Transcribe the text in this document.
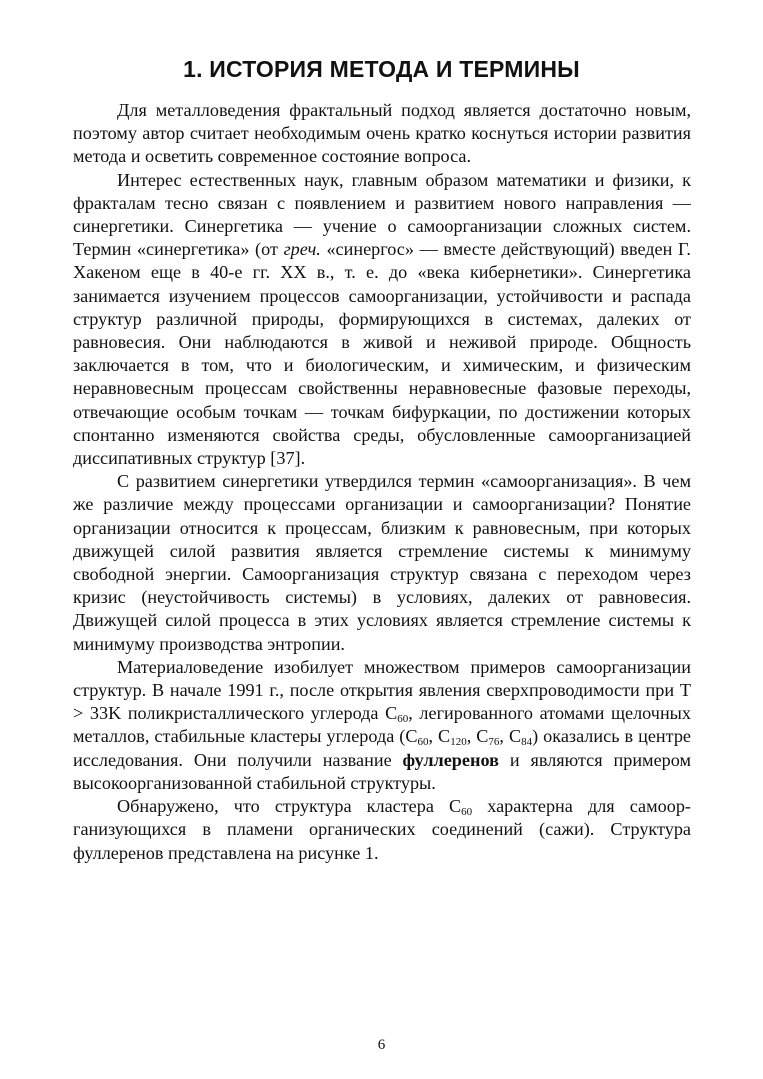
1. ИСТОРИЯ МЕТОДА И ТЕРМИНЫ

Для металловедения фрактальный подход является достаточно новым, поэтому автор считает необходимым очень кратко коснуться истории развития метода и осветить современное состояние вопроса.

Интерес естественных наук, главным образом математики и физики, к фракталам тесно связан с появлением и развитием нового направления — синергетики. Синергетика — учение о самоорганизации сложных систем. Термин «синергетика» (от греч. «синергос» — вместе действующий) введен Г. Хакеном еще в 40-е гг. XX в., т. е. до «века кибернетики». Синергетика занимается изучением процессов самоорганизации, устойчивости и распада структур различной природы, формирующихся в системах, далеких от равновесия. Они наблюдаются в живой и неживой природе. Общность заключается в том, что и биологическим, и химическим, и физическим неравновесным процессам свойственны неравновесные фазовые переходы, отвечающие особым точкам — точкам бифуркации, по достижении которых спонтанно изменяются свойства среды, обусловленные самоорганизацией диссипативных структур [37].

С развитием синергетики утвердился термин «самоорганизация». В чем же различие между процессами организации и самоорганизации? Понятие организации относится к процессам, близким к равновесным, при которых движущей силой развития является стремление системы к минимуму свободной энергии. Самоорганизация структур связана с переходом через кризис (неустойчивость системы) в условиях, далеких от равновесия. Движущей силой процесса в этих условиях является стремление системы к минимуму производства энтропии.

Материаловедение изобилует множеством примеров самоорганизации структур. В начале 1991 г., после открытия явления сверхпроводимости при T > 33K поликристаллического углерода $C_{60}$, легированного атомами щелочных металлов, стабильные кластеры углерода ($C_{60}$, $C_{120}$, $C_{76}$, $C_{84}$) оказались в центре исследования. Они получили название фуллеренов и являются примером высокоорганизованной стабильной структуры.

Обнаружено, что структура кластера $C_{60}$ характерна для самоорганизующихся в пламени органических соединений (сажи). Структура фуллеренов представлена на рисунке 1.

6
